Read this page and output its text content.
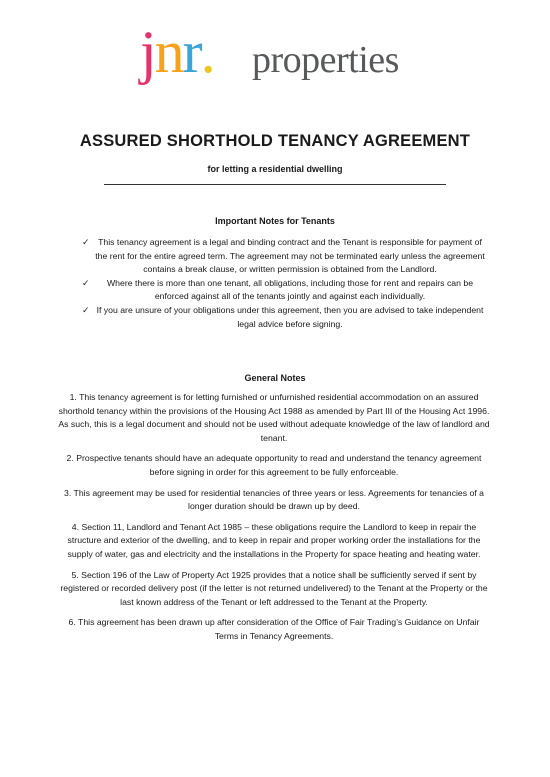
jnr. properties
ASSURED SHORTHOLD TENANCY AGREEMENT
for letting a residential dwelling
Important Notes for Tenants
✓ This tenancy agreement is a legal and binding contract and the Tenant is responsible for payment of the rent for the entire agreed term. The agreement may not be terminated early unless the agreement contains a break clause, or written permission is obtained from the Landlord.
✓ Where there is more than one tenant, all obligations, including those for rent and repairs can be enforced against all of the tenants jointly and against each individually.
✓ If you are unsure of your obligations under this agreement, then you are advised to take independent legal advice before signing.
General Notes

1. This tenancy agreement is for letting furnished or unfurnished residential accommodation on an assured shorthold tenancy within the provisions of the Housing Act 1988 as amended by Part III of the Housing Act 1996. As such, this is a legal document and should not be used without adequate knowledge of the law of landlord and tenant.

2. Prospective tenants should have an adequate opportunity to read and understand the tenancy agreement before signing in order for this agreement to be fully enforceable.

3. This agreement may be used for residential tenancies of three years or less. Agreements for tenancies of a longer duration should be drawn up by deed.

4. Section 11, Landlord and Tenant Act 1985 – these obligations require the Landlord to keep in repair the structure and exterior of the dwelling, and to keep in repair and proper working order the installations for the supply of water, gas and electricity and the installations in the Property for space heating and heating water.

5. Section 196 of the Law of Property Act 1925 provides that a notice shall be sufficiently served if sent by registered or recorded delivery post (if the letter is not returned undelivered) to the Tenant at the Property or the last known address of the Tenant or left addressed to the Tenant at the Property.

6. This agreement has been drawn up after consideration of the Office of Fair Trading’s Guidance on Unfair Terms in Tenancy Agreements.
